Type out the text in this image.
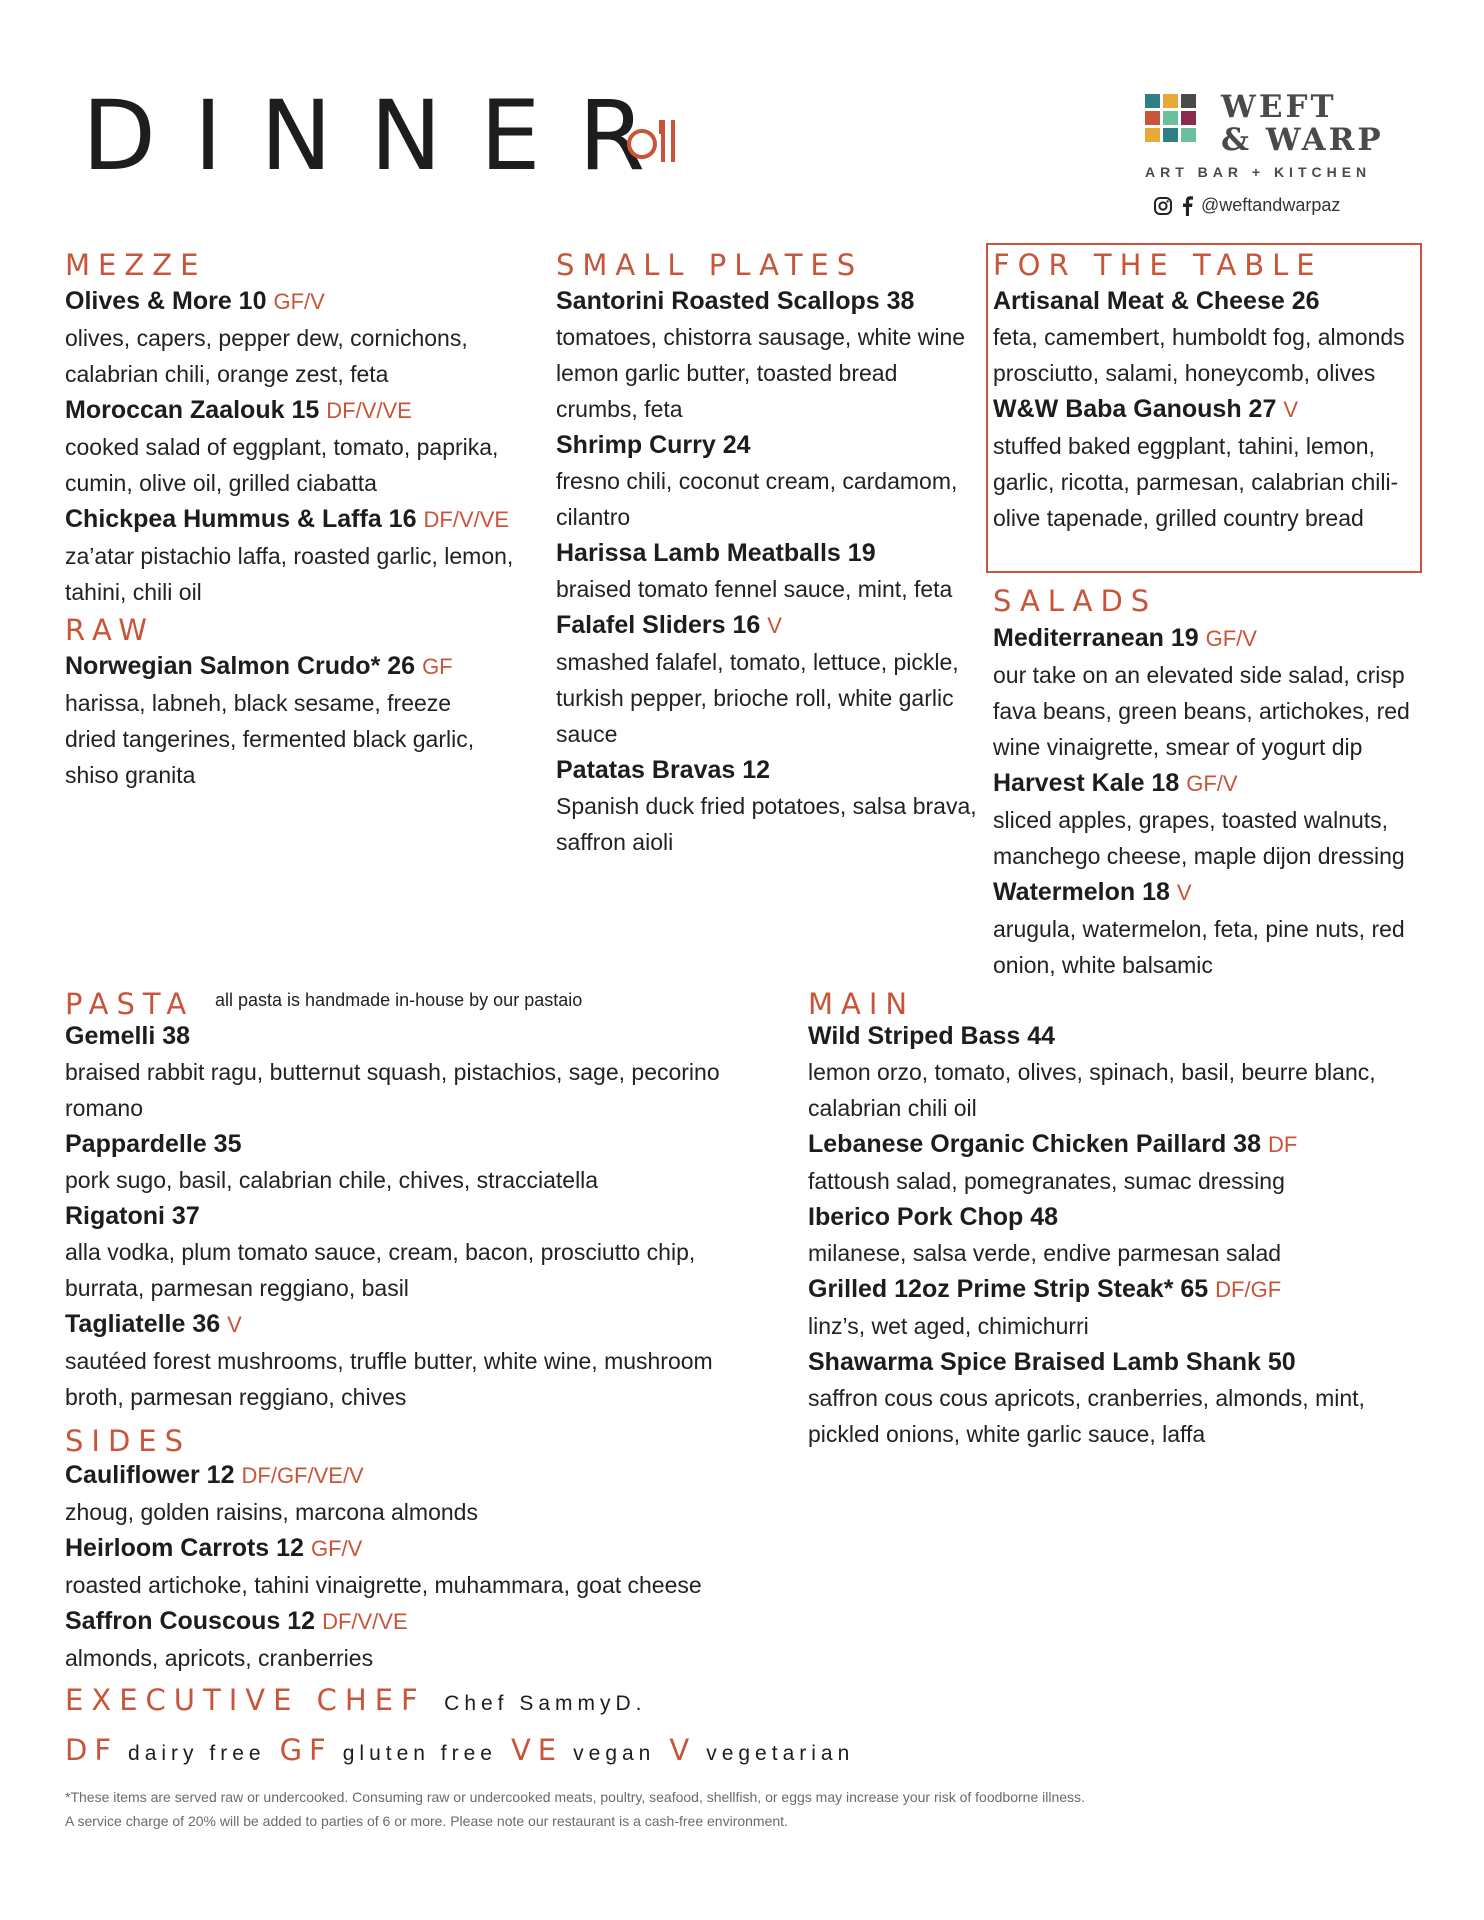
DINNER	WEFT
& WARP
ART BAR + KITCHEN
@weftandwarpaz
MEZZE	SMALL PLATES	FOR THE TABLE
RAW
SALADS
PASTA all pasta is handmade in-house by our pastaio	MAIN
SIDES
Olives & More 10 GF/V
olives, capers, pepper dew, cornichons, calabrian chili, orange zest, feta
Moroccan Zaalouk 15 DF/V/VE
cooked salad of eggplant, tomato, paprika, cumin, olive oil, grilled ciabatta
Chickpea Hummus & Laffa 16 DF/V/VE
za’atar pistachio laffa, roasted garlic, lemon, tahini, chili oil
Norwegian Salmon Crudo* 26 GF
harissa, labneh, black sesame, freeze dried tangerines, fermented black garlic, shiso granita
Santorini Roasted Scallops 38
tomatoes, chistorra sausage, white wine lemon garlic butter, toasted bread crumbs, feta
Shrimp Curry 24
fresno chili, coconut cream, cardamom, cilantro
Harissa Lamb Meatballs 19
braised tomato fennel sauce, mint, feta
Falafel Sliders 16 V
smashed falafel, tomato, lettuce, pickle, turkish pepper, brioche roll, white garlic sauce
Patatas Bravas 12
Spanish duck fried potatoes, salsa brava, saffron aioli
Artisanal Meat & Cheese 26
feta, camembert, humboldt fog, almonds prosciutto, salami, honeycomb, olives
W&W Baba Ganoush 27 V
stuffed baked eggplant, tahini, lemon, garlic, ricotta, parmesan, calabrian chili-olive tapenade, grilled country bread
Mediterranean 19 GF/V
our take on an elevated side salad, crisp fava beans, green beans, artichokes, red wine vinaigrette, smear of yogurt dip
Harvest Kale 18 GF/V
sliced apples, grapes, toasted walnuts, manchego cheese, maple dijon dressing
Watermelon 18 V
arugula, watermelon, feta, pine nuts, red onion, white balsamic
Gemelli 38
braised rabbit ragu, butternut squash, pistachios, sage, pecorino romano
Pappardelle 35
pork sugo, basil, calabrian chile, chives, stracciatella
Rigatoni 37
alla vodka, plum tomato sauce, cream, bacon, prosciutto chip, burrata, parmesan reggiano, basil
Tagliatelle 36 V
sautéed forest mushrooms, truffle butter, white wine, mushroom broth, parmesan reggiano, chives
Wild Striped Bass 44
lemon orzo, tomato, olives, spinach, basil, beurre blanc, calabrian chili oil
Lebanese Organic Chicken Paillard 38 DF
fattoush salad, pomegranates, sumac dressing
Iberico Pork Chop 48
milanese, salsa verde, endive parmesan salad
Grilled 12oz Prime Strip Steak* 65 DF/GF
linz’s, wet aged, chimichurri
Shawarma Spice Braised Lamb Shank 50
saffron cous cous apricots, cranberries, almonds, mint, pickled onions, white garlic sauce, laffa
Cauliflower 12 DF/GF/VE/V
zhoug, golden raisins, marcona almonds
Heirloom Carrots 12 GF/V
roasted artichoke, tahini vinaigrette, muhammara, goat cheese
Saffron Couscous 12 DF/V/VE
almonds, apricots, cranberries
EXECUTIVE CHEF Chef SammyD.
DF dairy free GF gluten free VE vegan V vegetarian
*These items are served raw or undercooked. Consuming raw or undercooked meats, poultry, seafood, shellfish, or eggs may increase your risk of foodborne illness.
A service charge of 20% will be added to parties of 6 or more. Please note our restaurant is a cash-free environment.
